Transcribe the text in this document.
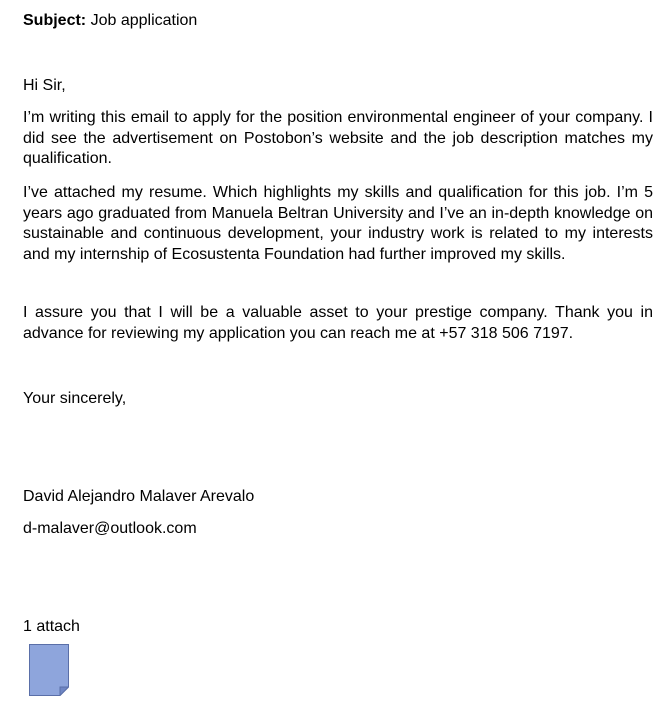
Subject: Job application
Hi Sir,

I’m writing this email to apply for the position environmental engineer of your company. I did see the advertisement on Postobon’s website and the job description matches my qualification.

I’ve attached my resume. Which highlights my skills and qualification for this job. I’m 5 years ago graduated from Manuela Beltran University and I’ve an in-depth knowledge on sustainable and continuous development, your industry work is related to my interests and my internship of Ecosustenta Foundation had further improved my skills.

I assure you that I will be a valuable asset to your prestige company. Thank you in advance for reviewing my application you can reach me at +57 318 506 7197.

Your sincerely,
David Alejandro Malaver Arevalo
d-malaver@outlook.com
1 attach
